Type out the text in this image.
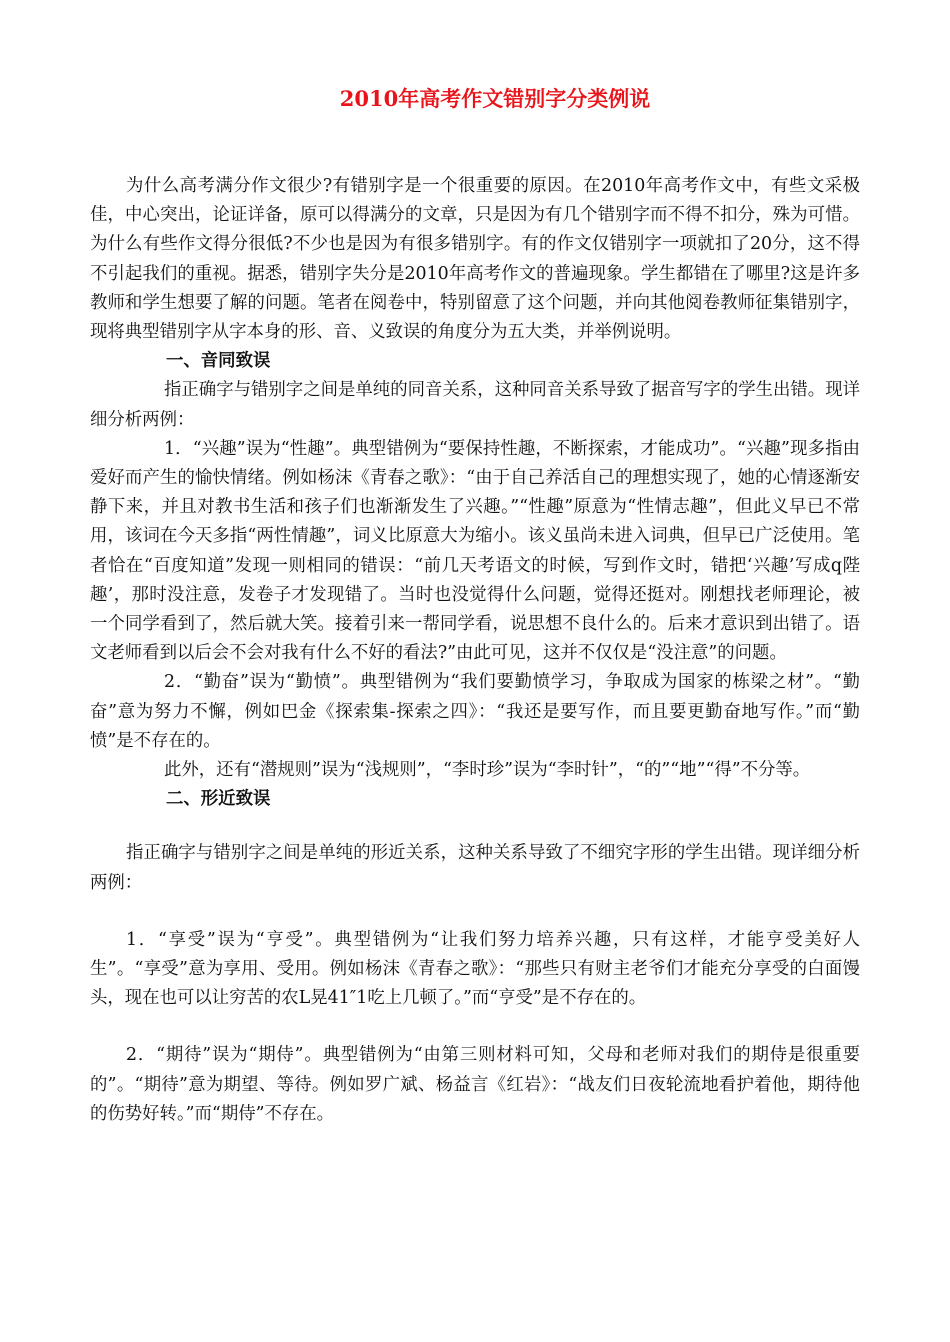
2010年高考作文错别字分类例说

为什么高考满分作文很少?有错别字是一个很重要的原因。在2010年高考作文中，有些文采极佳，中心突出，论证详备，原可以得满分的文章，只是因为有几个错别字而不得不扣分，殊为可惜。为什么有些作文得分很低?不少也是因为有很多错别字。有的作文仅错别字一项就扣了20分，这不得不引起我们的重视。据悉，错别字失分是2010年高考作文的普遍现象。学生都错在了哪里?这是许多教师和学生想要了解的问题。笔者在阅卷中，特别留意了这个问题，并向其他阅卷教师征集错别字，现将典型错别字从字本身的形、音、义致误的角度分为五大类，并举例说明。

一、音同致误

指正确字与错别字之间是单纯的同音关系，这种同音关系导致了据音写字的学生出错。现详细分析两例：

1．“兴趣”误为“性趣”。典型错例为“要保持性趣，不断探索，才能成功”。“兴趣”现多指由爱好而产生的愉快情绪。例如杨沫《青春之歌》：“由于自己养活自己的理想实现了，她的心情逐渐安静下来，并且对教书生活和孩子们也渐渐发生了兴趣。”“性趣”原意为“性情志趣”，但此义早已不常用，该词在今天多指“两性情趣”，词义比原意大为缩小。该义虽尚未进入词典，但早已广泛使用。笔者恰在“百度知道”发现一则相同的错误：“前几天考语文的时候，写到作文时，错把‘兴趣’写成q陛趣’，那时没注意，发卷子才发现错了。当时也没觉得什么问题，觉得还挺对。刚想找老师理论，被一个同学看到了，然后就大笑。接着引来一帮同学看，说思想不良什么的。后来才意识到出错了。语文老师看到以后会不会对我有什么不好的看法?”由此可见，这并不仅仅是“没注意”的问题。

2．“勤奋”误为“勤愤”。典型错例为“我们要勤愤学习，争取成为国家的栋梁之材”。“勤奋”意为努力不懈，例如巴金《探索集-探索之四》：“我还是要写作，而且要更勤奋地写作。”而“勤愤”是不存在的。

此外，还有“潜规则”误为“浅规则”，“李时珍”误为“李时针”，“的”“地”“得”不分等。

二、形近致误

指正确字与错别字之间是单纯的形近关系，这种关系导致了不细究字形的学生出错。现详细分析两例：

1．“享受”误为“亨受”。典型错例为“让我们努力培养兴趣，只有这样，才能亨受美好人生”。“享受”意为享用、受用。例如杨沫《青春之歌》：“那些只有财主老爷们才能充分享受的白面馒头，现在也可以让穷苦的农L晃41″1吃上几顿了。”而“亨受”是不存在的。

2．“期待”误为“期侍”。典型错例为“由第三则材料可知，父母和老师对我们的期侍是很重要的”。“期待”意为期望、等待。例如罗广斌、杨益言《红岩》：“战友们日夜轮流地看护着他，期待他的伤势好转。”而“期侍”不存在。
